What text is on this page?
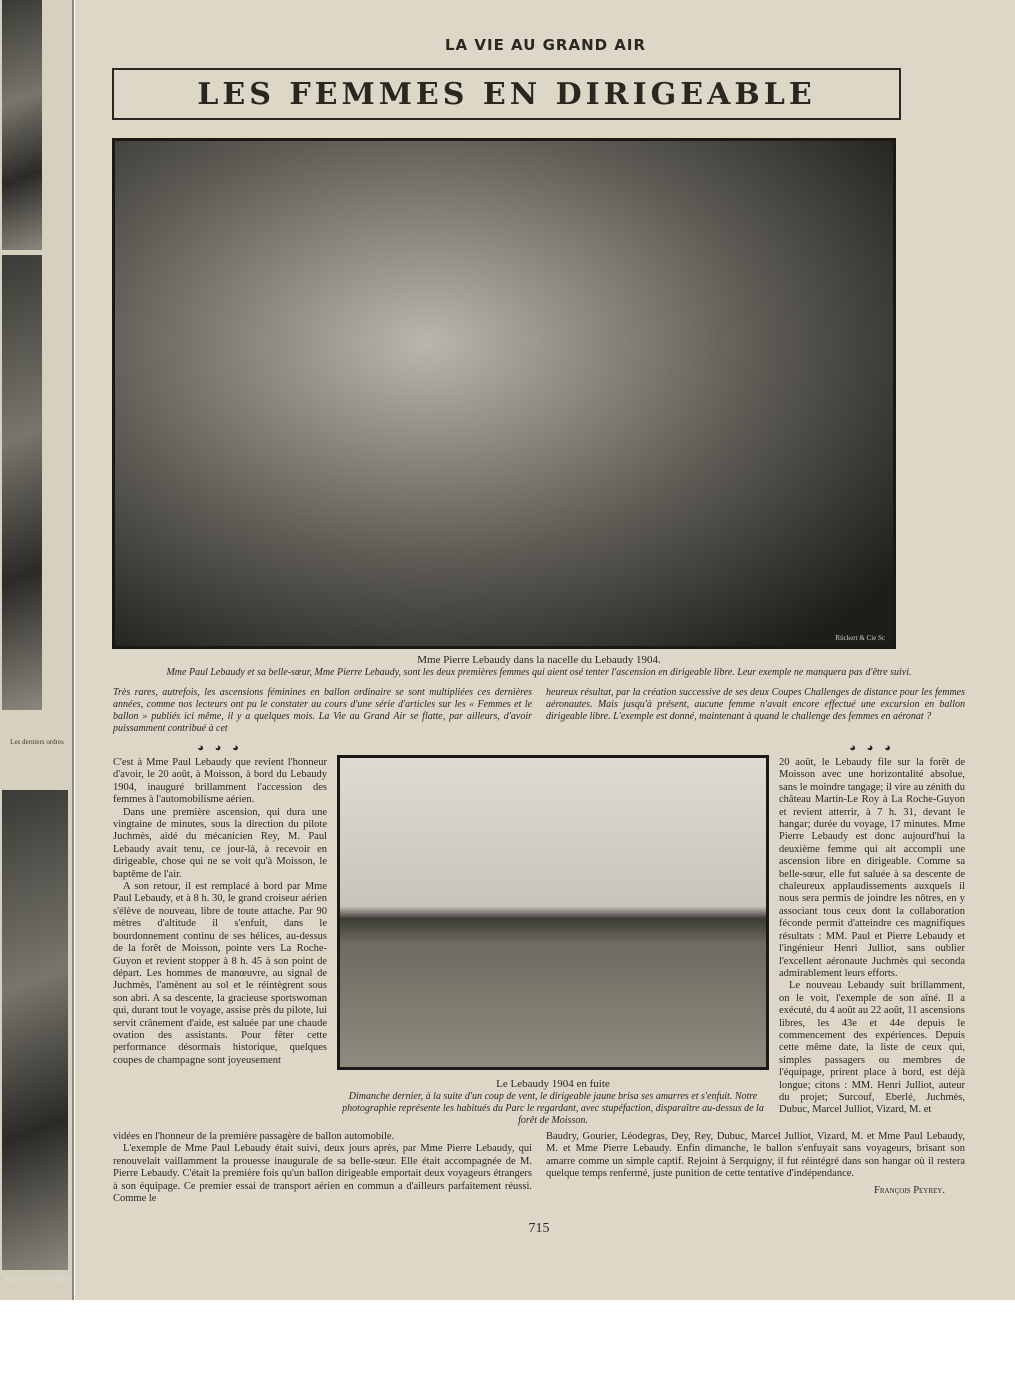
Les derniers ordres
Après le Prix du Public
LA VIE AU GRAND AIR
LES FEMMES EN DIRIGEABLE
Rückert & Cie Sc
Mme Pierre Lebaudy dans la nacelle du Lebaudy 1904.
Mme Paul Lebaudy et sa belle-sœur, Mme Pierre Lebaudy, sont les deux premières femmes qui aient osé tenter l'ascension en dirigeable libre. Leur exemple ne manquera pas d'être suivi.
Très rares, autrefois, les ascensions féminines en ballon ordinaire se sont multipliées ces dernières années, comme nos lecteurs ont pu le constater au cours d'une série d'articles sur les « Femmes et le ballon » publiés ici même, il y a quelques mois. La Vie au Grand Air se flatte, par ailleurs, d'avoir puissamment contribué à cet
heureux résultat, par la création successive de ses deux Coupes Challenges de distance pour les femmes aéronautes. Mais jusqu'à présent, aucune femme n'avait encore effectué une excursion en ballon dirigeable libre. L'exemple est donné, maintenant à quand le challenge des femmes en aéronat ?
◕ ◕ ◕

C'est à Mme Paul Lebaudy que revient l'honneur d'avoir, le 20 août, à Moisson, à bord du Lebaudy 1904, inauguré brillamment l'accession des femmes à l'automobilisme aérien.

Dans une première ascension, qui dura une vingtaine de minutes, sous la direction du pilote Juchmès, aidé du mécanicien Rey, M. Paul Lebaudy avait tenu, ce jour-là, à recevoir en dirigeable, chose qui ne se voit qu'à Moisson, le baptême de l'air.

A son retour, il est remplacé à bord par Mme Paul Lebaudy, et à 8 h. 30, le grand croiseur aérien s'élève de nouveau, libre de toute attache. Par 90 mètres d'altitude il s'enfuit, dans le bourdonnement continu de ses hélices, au-dessus de la forêt de Moisson, pointe vers La Roche-Guyon et revient stopper à 8 h. 45 à son point de départ. Les hommes de manœuvre, au signal de Juchmès, l'amènent au sol et le réintègrent sous son abri. A sa descente, la gracieuse sportswoman qui, durant tout le voyage, assise près du pilote, lui servit crânement d'aide, est saluée par une chaude ovation des assistants. Pour fêter cette performance désormais historique, quelques coupes de champagne sont joyeusement

Le Lebaudy 1904 en fuite
Dimanche dernier, à la suite d'un coup de vent, le dirigeable jaune brisa ses amarres et s'enfuit. Notre photographie représente les habitués du Parc le regardant, avec stupéfaction, disparaître au-dessus de la forêt de Moisson.
◕ ◕ ◕

20 août, le Lebaudy file sur la forêt de Moisson avec une horizontalité absolue, sans le moindre tangage; il vire au zénith du château Martin-Le Roy à La Roche-Guyon et revient atterrir, à 7 h. 31, devant le hangar; durée du voyage, 17 minutes. Mme Pierre Lebaudy est donc aujourd'hui la deuxième femme qui ait accompli une ascension libre en dirigeable. Comme sa belle-sœur, elle fut saluée à sa descente de chaleureux applaudissements auxquels il nous sera permis de joindre les nôtres, en y associant tous ceux dont la collaboration féconde permit d'atteindre ces magnifiques résultats : MM. Paul et Pierre Lebaudy et l'ingénieur Henri Julliot, sans oublier l'excellent aéronaute Juchmès qui seconda admirablement leurs efforts.

Le nouveau Lebaudy suit brillamment, on le voit, l'exemple de son aîné. Il a exécuté, du 4 août au 22 août, 11 ascensions libres, les 43e et 44e depuis le commencement des expériences. Depuis cette même date, la liste de ceux qui, simples passagers ou membres de l'équipage, prirent place à bord, est déjà longue; citons : MM. Henri Julliot, auteur du projet; Surcouf, Eberlé, Juchmès, Dubuc, Marcel Julliot, Vizard, M. et

vidées en l'honneur de la première passagère de ballon automobile.

L'exemple de Mme Paul Lebaudy était suivi, deux jours après, par Mme Pierre Lebaudy, qui renouvelait vaillamment la prouesse inaugurale de sa belle-sœur. Elle était accompagnée de M. Pierre Lebaudy. C'était la première fois qu'un ballon dirigeable emportait deux voyageurs étrangers à son équipage. Ce premier essai de transport aérien en commun a d'ailleurs parfaitement réussi. Comme le

Baudry, Gourier, Léodegras, Dey, Rey, Dubuc, Marcel Julliot, Vizard, M. et Mme Paul Lebaudy, M. et Mme Pierre Lebaudy. Enfin dimanche, le ballon s'enfuyait sans voyageurs, brisant son amarre comme un simple captif. Rejoint à Serquigny, il fut réintégré dans son hangar où il restera quelque temps renfermé, juste punition de cette tentative d'indépendance.
François Peyrey.
715
